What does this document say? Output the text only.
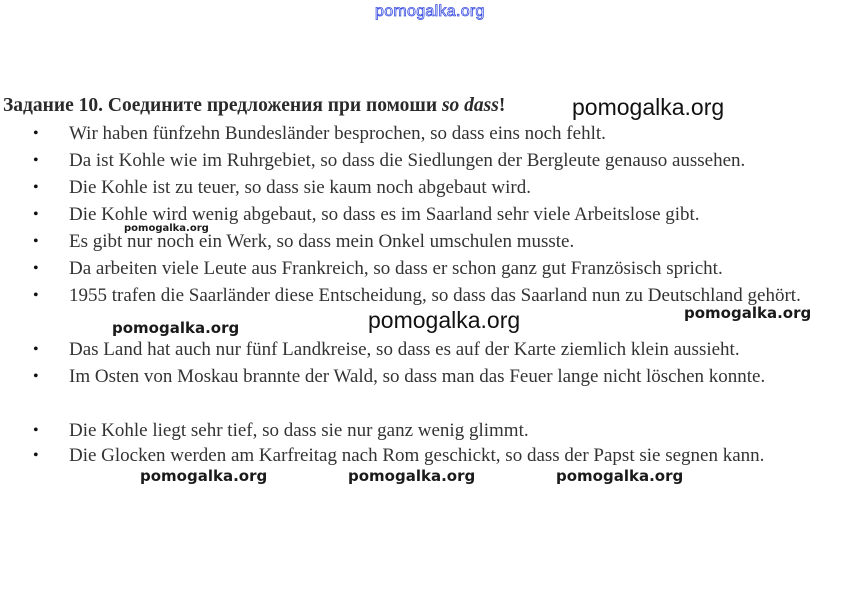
pomogalka.org
Задание 10. Соедините предложения при помоши so dass!	pomogalka.org
• Wir haben fünfzehn Bundesländer besprochen, so dass eins noch fehlt.
• Da ist Kohle wie im Ruhrgebiet, so dass die Siedlungen der Bergleute genauso aussehen.
• Die Kohle ist zu teuer, so dass sie kaum noch abgebaut wird.
• Die Kohle wird wenig abgebaut, so dass es im Saarland sehr viele Arbeitslose gibt.
• Es gibt nur noch ein Werk, so dass mein Onkel umschulen musste.
• Da arbeiten viele Leute aus Frankreich, so dass er schon ganz gut Französisch spricht.
• 1955 trafen die Saarländer diese Entscheidung, so dass das Saarland nun zu Deutschland gehört.
• Das Land hat auch nur fünf Landkreise, so dass es auf der Karte ziemlich klein aussieht.
• Im Osten von Moskau brannte der Wald, so dass man das Feuer lange nicht löschen konnte.
• Die Kohle liegt sehr tief, so dass sie nur ganz wenig glimmt.
• Die Glocken werden am Karfreitag nach Rom geschickt, so dass der Papst sie segnen kann.
pomogalka.org
pomogalka.org	pomogalka.org	pomogalka.org
pomogalka.org	pomogalka.org	pomogalka.org
